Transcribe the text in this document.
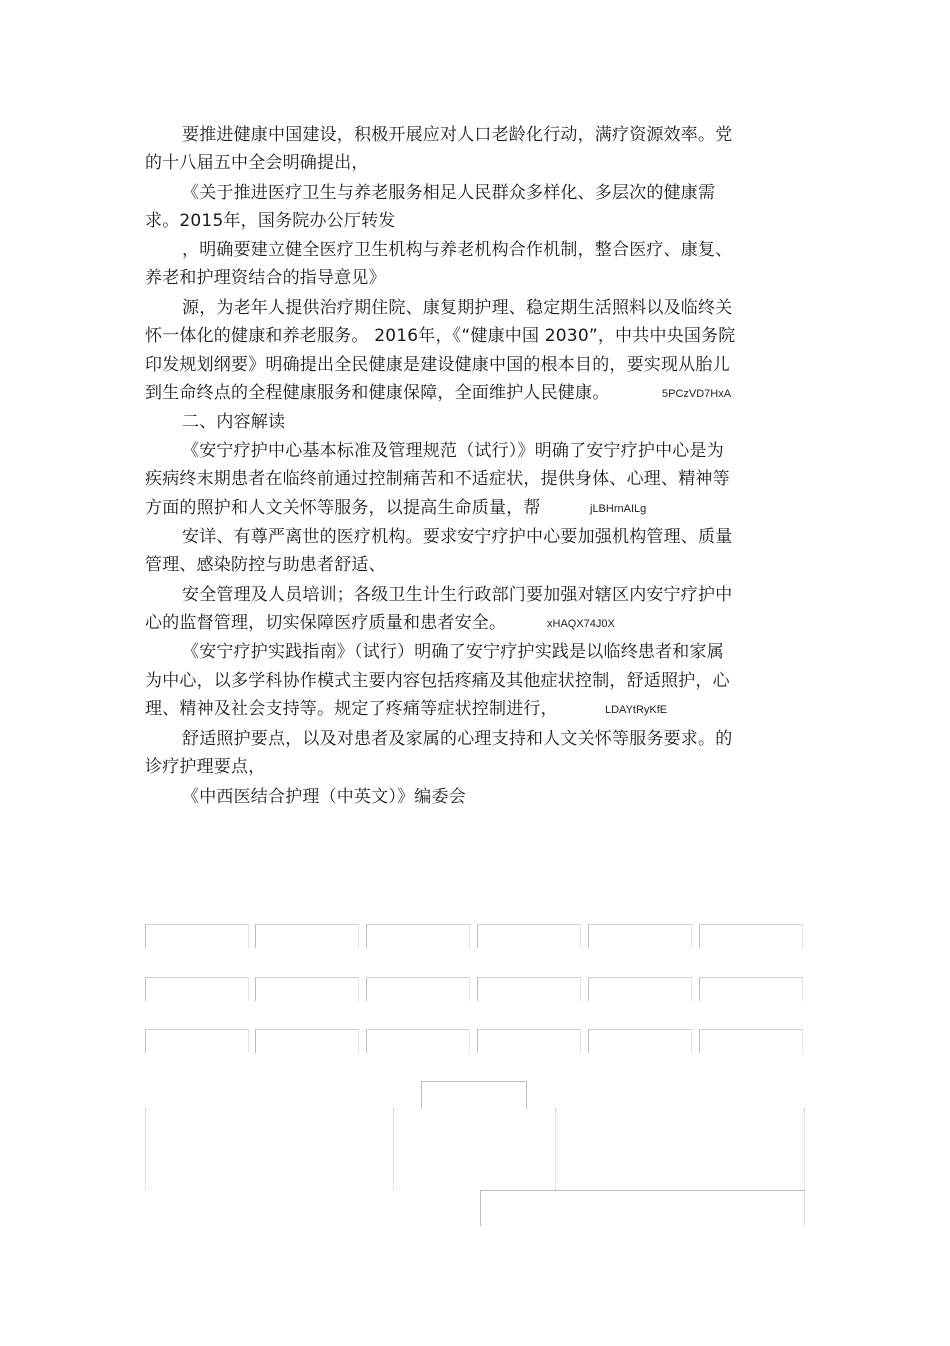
要推进健康中国建设，积极开展应对人口老龄化行动，满疗资源效率。党
的十八届五中全会明确提出，
《关于推进医疗卫生与养老服务相足人民群众多样化、多层次的健康需
求。2015年，国务院办公厅转发
，明确要建立健全医疗卫生机构与养老机构合作机制，整合医疗、康复、
养老和护理资结合的指导意见》
源，为老年人提供治疗期住院、康复期护理、稳定期生活照料以及临终关
怀一体化的健康和养老服务。 2016年，《“健康中国 2030”，中共中央国务院
印发规划纲要》明确提出全民健康是建设健康中国的根本目的，要实现从胎儿
到生命终点的全程健康服务和健康保障，全面维护人民健康。	5PCzVD7HxA
二、内容解读
《安宁疗护中心基本标准及管理规范（试行）》明确了安宁疗护中心是为
疾病终末期患者在临终前通过控制痛苦和不适症状，提供身体、心理、精神等
方面的照护和人文关怀等服务，以提高生命质量，帮	jLBHrnAILg
安详、有尊严离世的医疗机构。要求安宁疗护中心要加强机构管理、质量
管理、感染防控与助患者舒适、
安全管理及人员培训；各级卫生计生行政部门要加强对辖区内安宁疗护中
心的监督管理，切实保障医疗质量和患者安全。	xHAQX74J0X
《安宁疗护实践指南》（试行）明确了安宁疗护实践是以临终患者和家属
为中心，以多学科协作模式主要内容包括疼痛及其他症状控制，舒适照护，心
理、精神及社会支持等。规定了疼痛等症状控制进行，	LDAYtRyKfE
舒适照护要点，以及对患者及家属的心理支持和人文关怀等服务要求。的
诊疗护理要点，
《中西医结合护理（中英文）》编委会
